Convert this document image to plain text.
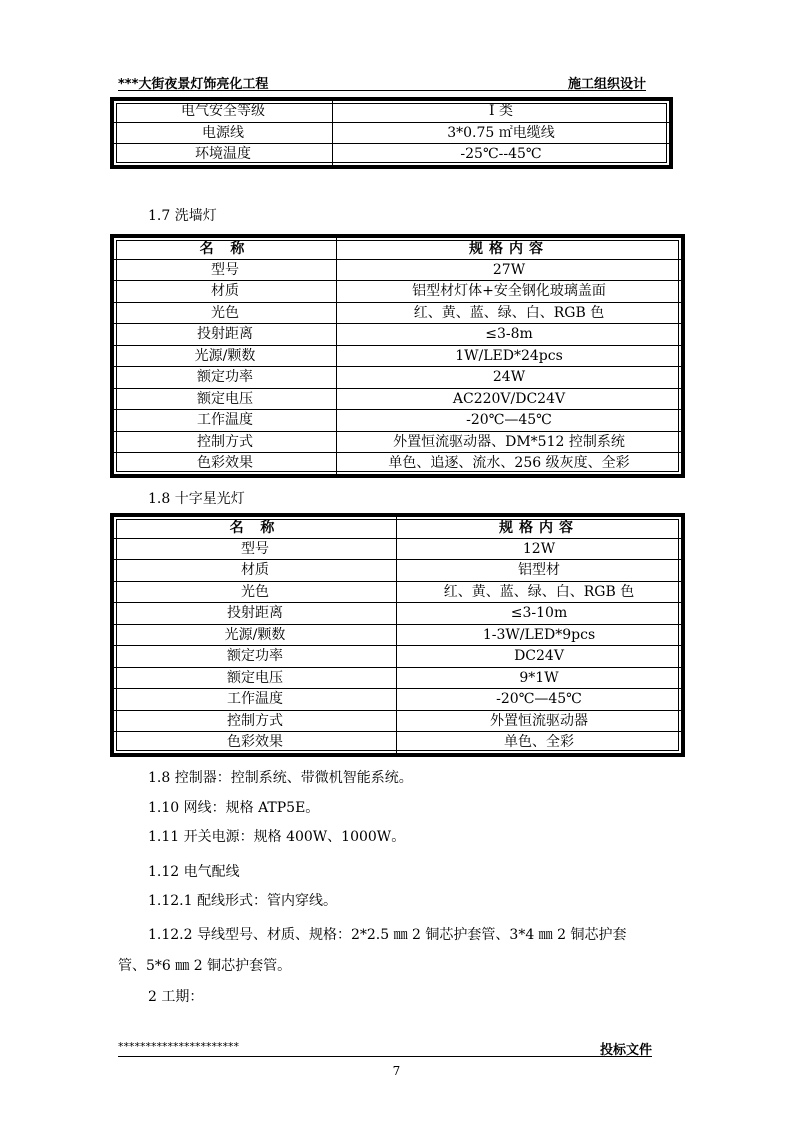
***大街夜景灯饰亮化工程	施工组织设计
电气安全等级	I 类
电源线	3*0.75 ㎡电缆线
环境温度	-25℃--45℃
1.7 洗墙灯
名 称	规格内容
型号	27W
材质	铝型材灯体+安全钢化玻璃盖面
光色	红、黄、蓝、绿、白、RGB 色
投射距离	≤3-8m
光源/颗数	1W/LED*24pcs
额定功率	24W
额定电压	AC220V/DC24V
工作温度	-20℃—45℃
控制方式	外置恒流驱动器、DM*512 控制系统
色彩效果	单色、追逐、流水、256 级灰度、全彩
1.8 十字星光灯
名 称	规格内容
型号	12W
材质	铝型材
光色	红、黄、蓝、绿、白、RGB 色
投射距离	≤3-10m
光源/颗数	1-3W/LED*9pcs
额定功率	DC24V
额定电压	9*1W
工作温度	-20℃—45℃
控制方式	外置恒流驱动器
色彩效果	单色、全彩
1.8 控制器：控制系统、带微机智能系统。
1.10 网线：规格 ATP5E。
1.11 开关电源：规格 400W、1000W。
1.12 电气配线
1.12.1 配线形式：管内穿线。
1.12.2 导线型号、材质、规格：2*2.5 ㎜ 2 铜芯护套管、3*4 ㎜ 2 铜芯护套
管、5*6 ㎜ 2 铜芯护套管。
2 工期：
**********************	投标文件
7
